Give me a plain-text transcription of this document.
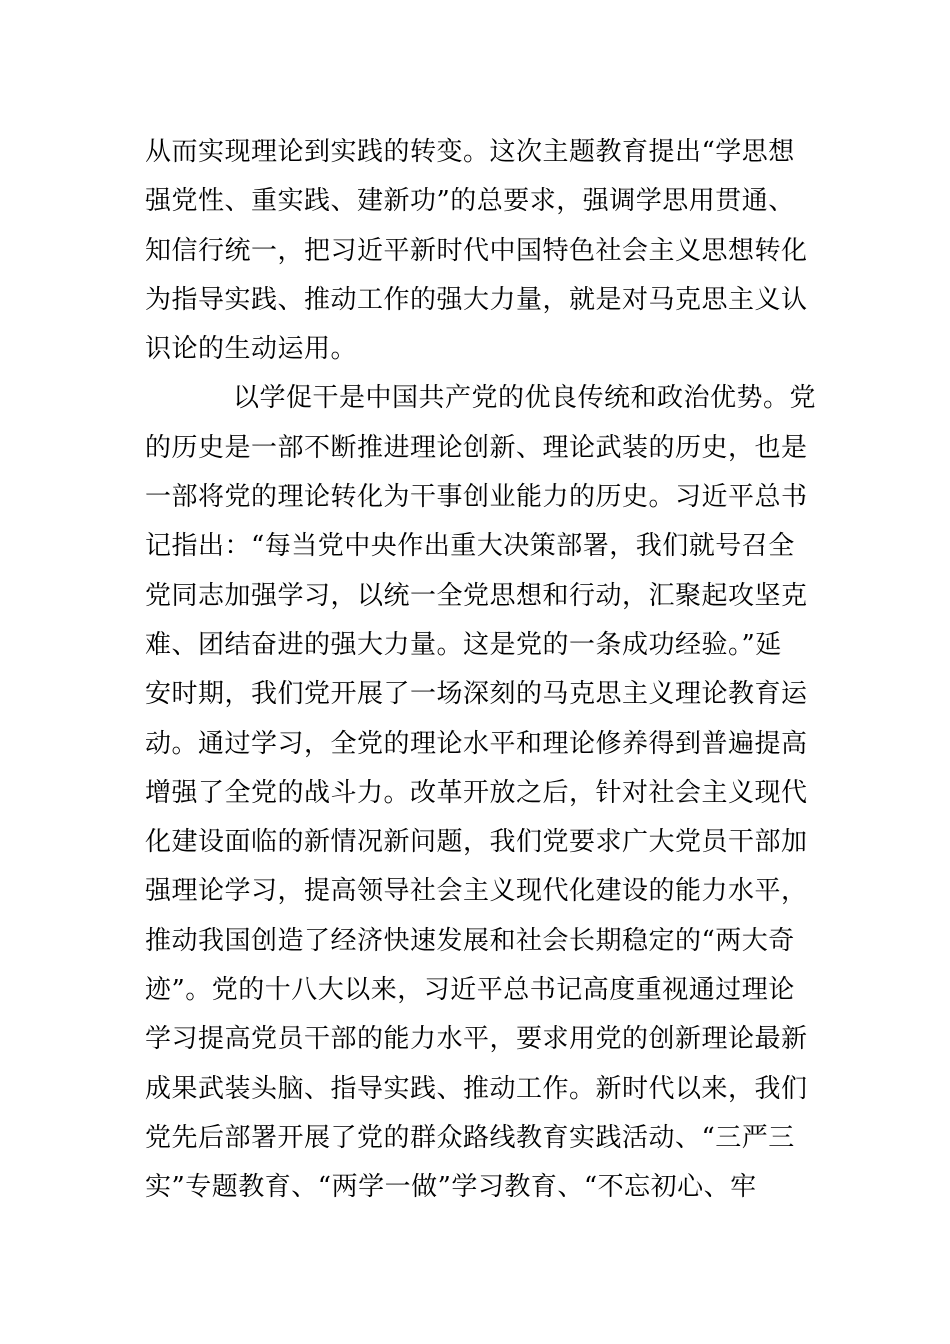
从而实现理论到实践的转变。这次主题教育提出“学思想
强党性、重实践、建新功”的总要求，强调学思用贯通、
知信行统一，把习近平新时代中国特色社会主义思想转化
为指导实践、推动工作的强大力量，就是对马克思主义认
识论的生动运用。
以学促干是中国共产党的优良传统和政治优势。党
的历史是一部不断推进理论创新、理论武装的历史，也是
一部将党的理论转化为干事创业能力的历史。习近平总书
记指出：“每当党中央作出重大决策部署，我们就号召全
党同志加强学习，以统一全党思想和行动，汇聚起攻坚克
难、团结奋进的强大力量。这是党的一条成功经验。”延
安时期，我们党开展了一场深刻的马克思主义理论教育运
动。通过学习，全党的理论水平和理论修养得到普遍提高
增强了全党的战斗力。改革开放之后，针对社会主义现代
化建设面临的新情况新问题，我们党要求广大党员干部加
强理论学习，提高领导社会主义现代化建设的能力水平，
推动我国创造了经济快速发展和社会长期稳定的“两大奇
迹”。党的十八大以来，习近平总书记高度重视通过理论
学习提高党员干部的能力水平，要求用党的创新理论最新
成果武装头脑、指导实践、推动工作。新时代以来，我们
党先后部署开展了党的群众路线教育实践活动、“三严三
实”专题教育、“两学一做”学习教育、“不忘初心、牢
